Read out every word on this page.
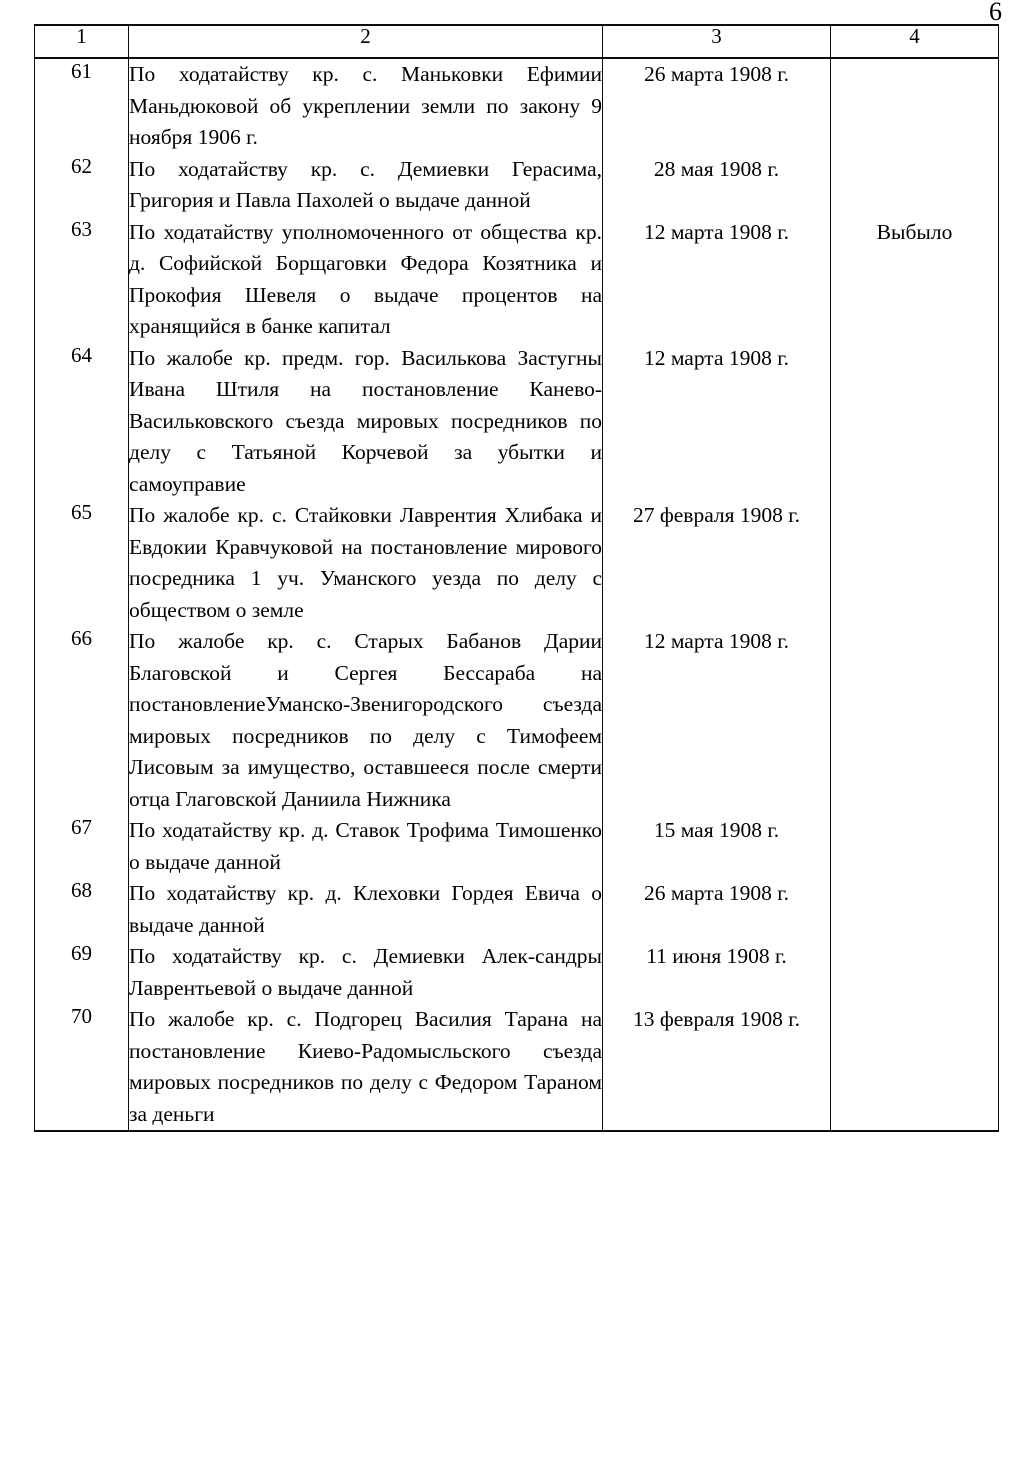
6
1	2	3	4
61	По ходатайству кр. с. Маньковки Ефимии Маньдюковой об укреплении земли по закону 9 ноября 1906 г.	26 марта 1908 г.	
62	По ходатайству кр. с. Демиевки Герасима, Григория и Павла Пахолей о выдаче данной	28 мая 1908 г.	
63	По ходатайству уполномоченного от общества кр. д. Софийской Борщаговки Федора Козятника и Прокофия Шевеля о выдаче процентов на хранящийся в банке капитал	12 марта 1908 г.	Выбыло
64	По жалобе кр. предм. гор. Василькова Застугны Ивана Штиля на постановление Канево-Васильковского съезда мировых посредников по делу с Татьяной Корчевой за убытки и самоуправие	12 марта 1908 г.	
65	По жалобе кр. с. Стайковки Лаврентия Хлибака и Евдокии Кравчуковой на постановление мирового посредника 1 уч. Уманского уезда по делу с обществом о земле	27 февраля 1908 г.	
66	По жалобе кр. с. Старых Бабанов Дарии Благовской и Сергея Бессараба на постановлениеУманско-Звенигородского съезда мировых посредников по делу с Тимофеем Лисовым за имущество, оставшееся после смерти отца Глаговской Даниила Нижника	12 марта 1908 г.	
67	По ходатайству кр. д. Ставок Трофима Тимошенко о выдаче данной	15 мая 1908 г.	
68	По ходатайству кр. д. Клеховки Гордея Евича о выдаче данной	26 марта 1908 г.	
69	По ходатайству кр. с. Демиевки Алек-сандры Лаврентьевой о выдаче данной	11 июня 1908 г.	
70	По жалобе кр. с. Подгорец Василия Тарана на постановление Киево-Радомысльского съезда мировых посредников по делу с Федором Тараном за деньги	13 февраля 1908 г.	
